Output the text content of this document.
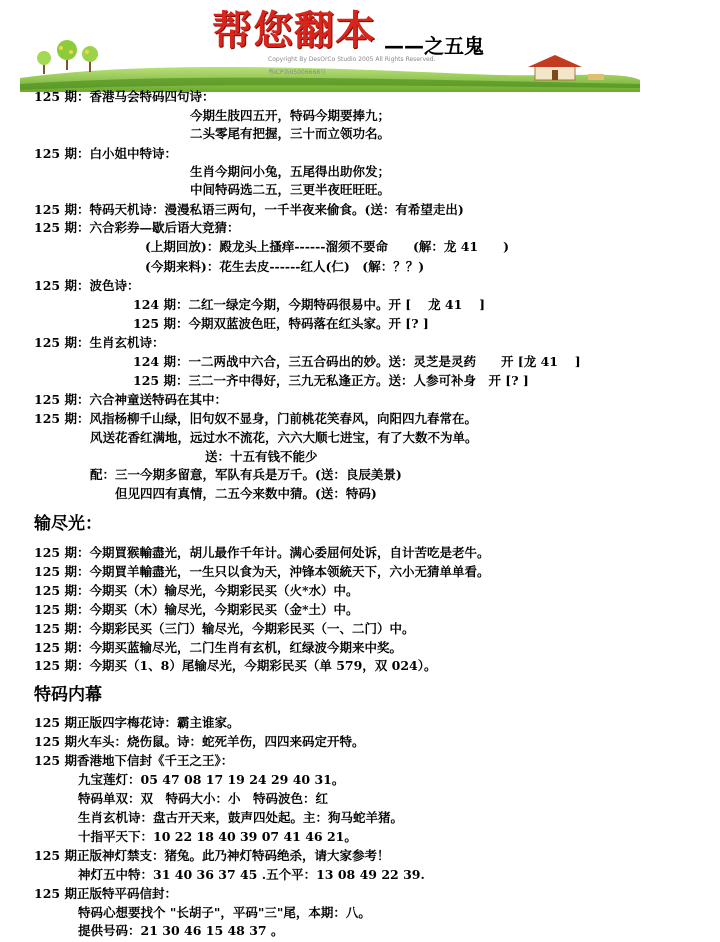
帮您翻本 ——之五鬼
Copyright By DesOrCo Studio 2005 All Rights Reserved.
粤ICP备05006668号
125 期：香港马会特码四句诗：
今期生肢四五开，特码今期要捧九；
二头零尾有把握，三十而立领功名。
125 期：白小姐中特诗：
生肖今期问小兔，五尾得出助你发；
中间特码选二五，三更半夜旺旺旺。
125 期：特码天机诗：漫漫私语三两句，一千半夜来偷食。(送：有希望走出)
125 期：六合彩券—歇后语大竞猜：
(上期回放)：殿龙头上搔痒------溜须不要命　　(解：龙 41　　)
(今期来料)：花生去皮------红人(仁)　(解：？？)
125 期：波色诗：
124 期：二红一绿定今期，今期特码很易中。开 [　 龙 41　 ]
125 期：今期双蓝波色旺，特码落在红头家。开 [? ]
125 期：生肖玄机诗：
124 期：一二两战中六合，三五合码出的妙。送：灵芝是灵药　　开 [龙 41　 ]
125 期：三二一齐中得好，三九无私逢正方。送：人参可补身　开 [? ]
125 期：六合神童送特码在其中：
125 期：风指杨柳千山绿，旧句奴不显身，门前桃花笑春风，向阳四九春常在。
风送花香红满地，远过水不流花，六六大顺七进宝，有了大数不为单。
送：十五有钱不能少
配：三一今期多留意，军队有兵是万千。(送：良辰美景)
但见四四有真情，二五今来数中猜。(送：特码)
输尽光：
125 期：今期買猴輸盡光，胡儿最作千年计。满心委屈何处诉，自计苦吃是老牛。
125 期：今期買羊輸盡光，一生只以食为天，沖锋本领統天下，六小无猜单单看。
125 期：今期买（木）输尽光，今期彩民买（火*水）中。
125 期：今期买（木）输尽光，今期彩民买（金*土）中。
125 期：今期彩民买（三门）输尽光，今期彩民买（一、二门）中。
125 期：今期买蓝输尽光，二门生肖有玄机，红绿波今期来中奖。
125 期：今期买（1、8）尾输尽光，今期彩民买（单 579，双 024）。
特码内幕
125 期正版四字梅花诗：霸主谁家。
125 期火车头：烧伤鼠。诗：蛇死羊伤，四四来码定开特。
125 期香港地下信封《千王之王》：
九宝莲灯：05 47 08 17 19 24 29 40 31。
特码单双：双　特码大小：小　特码波色：红
生肖玄机诗：盘古开天来，鼓声四处起。主：狗马蛇羊猪。
十指平天下：10 22 18 40 39 07 41 46 21。
125 期正版神灯禁支：猪兔。此乃神灯特码绝杀，请大家参考！
神灯五中特：31 40 36 37 45 .五个平：13 08 49 22 39.
125 期正版特平码信封：
特码心想要找个 "长胡子"，平码"三"尾，本期：八。
提供号码：21 30 46 15 48 37 。
